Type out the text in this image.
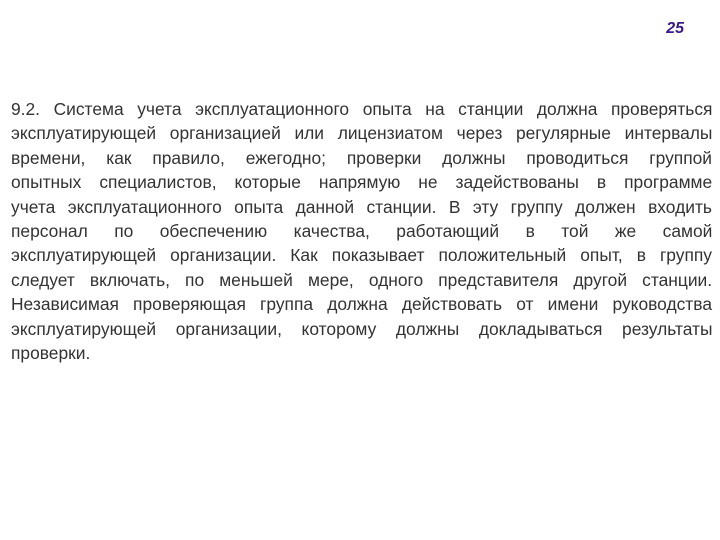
25
9.2. Система учета эксплуатационного опыта на станции должна проверяться
эксплуатирующей организацией или лицензиатом через регулярные интервалы
времени, как правило, ежегодно; проверки должны проводиться группой
опытных специалистов, которые напрямую не задействованы в программе
учета эксплуатационного опыта данной станции. В эту группу должен входить
персонал по обеспечению качества, работающий в той же самой
эксплуатирующей организации. Как показывает положительный опыт, в группу
следует включать, по меньшей мере, одного представителя другой станции.
Независимая проверяющая группа должна действовать от имени руководства
эксплуатирующей организации, которому должны докладываться результаты
проверки.
